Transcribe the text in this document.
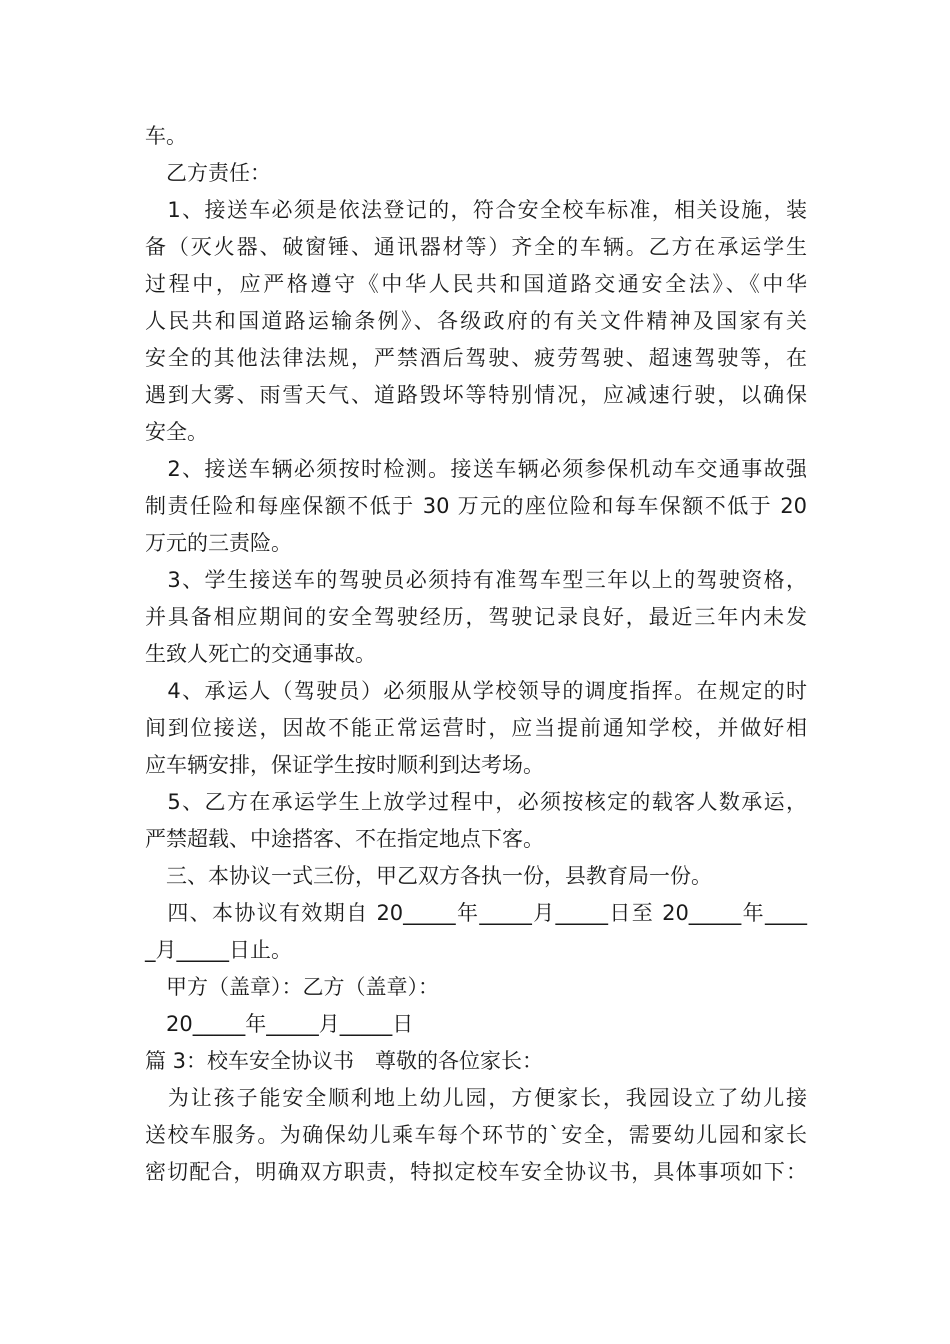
车。
　乙方责任：
　1、接送车必须是依法登记的，符合安全校车标准，相关设施，装
备（灭火器、破窗锤、通讯器材等）齐全的车辆。乙方在承运学生
过程中，应严格遵守《中华人民共和国道路交通安全法》、《中华
人民共和国道路运输条例》、各级政府的有关文件精神及国家有关
安全的其他法律法规，严禁酒后驾驶、疲劳驾驶、超速驾驶等，在
遇到大雾、雨雪天气、道路毁坏等特别情况，应减速行驶，以确保
安全。
　2、接送车辆必须按时检测。接送车辆必须参保机动车交通事故强
制责任险和每座保额不低于 30 万元的座位险和每车保额不低于 20
万元的三责险。
　3、学生接送车的驾驶员必须持有准驾车型三年以上的驾驶资格，
并具备相应期间的安全驾驶经历，驾驶记录良好，最近三年内未发
生致人死亡的交通事故。
　4、承运人（驾驶员）必须服从学校领导的调度指挥。在规定的时
间到位接送，因故不能正常运营时，应当提前通知学校，并做好相
应车辆安排，保证学生按时顺利到达考场。
　5、乙方在承运学生上放学过程中，必须按核定的载客人数承运，
严禁超载、中途搭客、不在指定地点下客。
　三、本协议一式三份，甲乙双方各执一份，县教育局一份。
　四、本协议有效期自 20_____年_____月_____日至 20_____年____
_月_____日止。
　甲方（盖章）：乙方（盖章）：
　20_____年_____月_____日
篇 3：校车安全协议书　尊敬的各位家长：
　为让孩子能安全顺利地上幼儿园，方便家长，我园设立了幼儿接
送校车服务。为确保幼儿乘车每个环节的`安全，需要幼儿园和家长
密切配合，明确双方职责，特拟定校车安全协议书，具体事项如下：
